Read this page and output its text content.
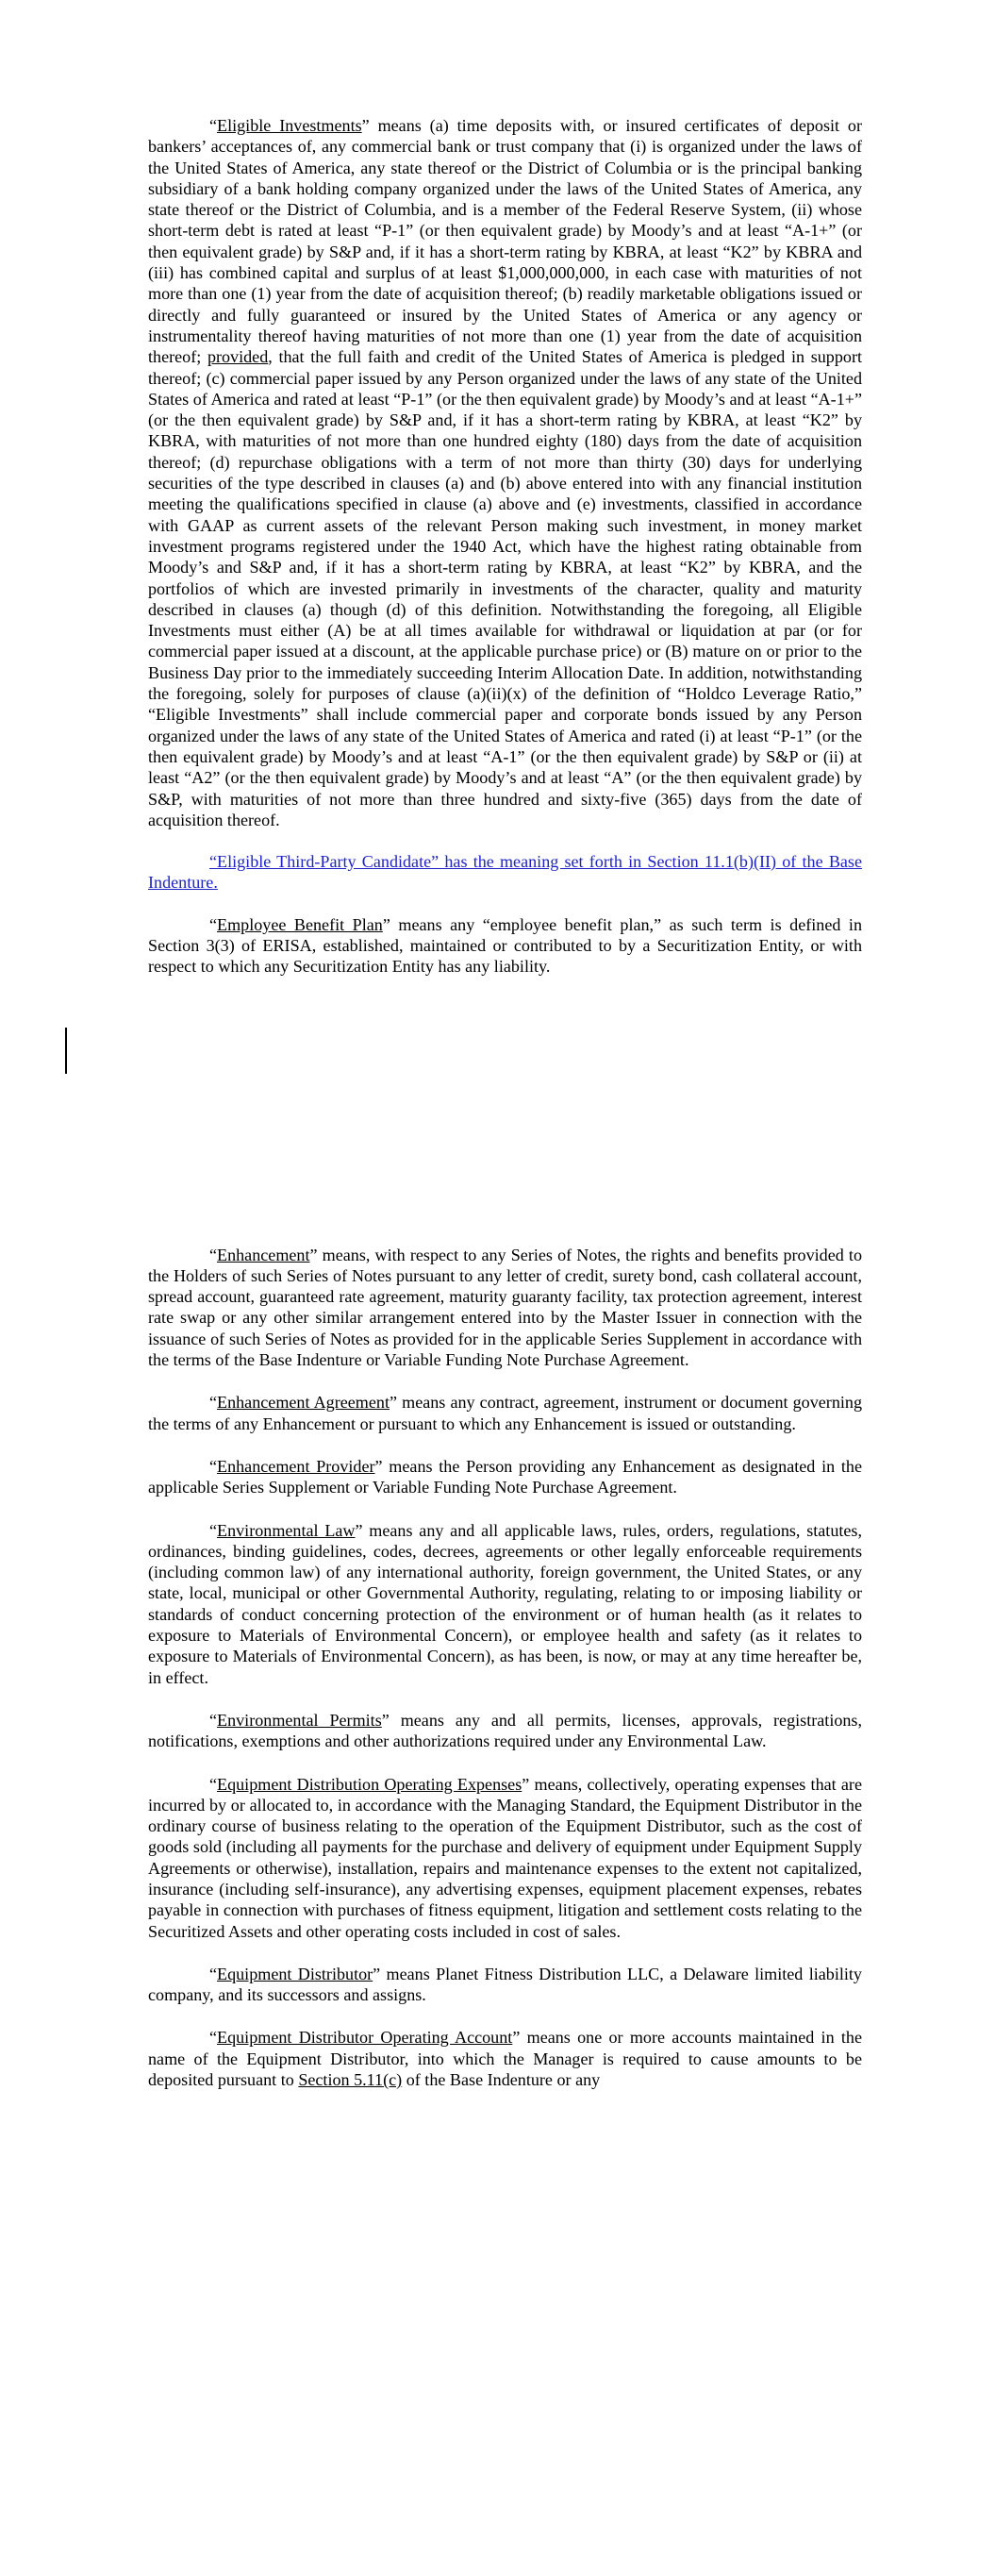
“Eligible Investments” means (a) time deposits with, or insured certificates of deposit or bankers’ acceptances of, any commercial bank or trust company that (i) is organized under the laws of the United States of America, any state thereof or the District of Columbia or is the principal banking subsidiary of a bank holding company organized under the laws of the United States of America, any state thereof or the District of Columbia, and is a member of the Federal Reserve System, (ii) whose short-term debt is rated at least “P-1” (or then equivalent grade) by Moody’s and at least “A-1+” (or then equivalent grade) by S&P and, if it has a short-term rating by KBRA, at least “K2” by KBRA and (iii) has combined capital and surplus of at least $1,000,000,000, in each case with maturities of not more than one (1) year from the date of acquisition thereof; (b) readily marketable obligations issued or directly and fully guaranteed or insured by the United States of America or any agency or instrumentality thereof having maturities of not more than one (1) year from the date of acquisition thereof; provided, that the full faith and credit of the United States of America is pledged in support thereof; (c) commercial paper issued by any Person organized under the laws of any state of the United States of America and rated at least “P-1” (or the then equivalent grade) by Moody’s and at least “A-1+” (or the then equivalent grade) by S&P and, if it has a short-term rating by KBRA, at least “K2” by KBRA, with maturities of not more than one hundred eighty (180) days from the date of acquisition thereof; (d) repurchase obligations with a term of not more than thirty (30) days for underlying securities of the type described in clauses (a) and (b) above entered into with any financial institution meeting the qualifications specified in clause (a) above and (e) investments, classified in accordance with GAAP as current assets of the relevant Person making such investment, in money market investment programs registered under the 1940 Act, which have the highest rating obtainable from Moody’s and S&P and, if it has a short-term rating by KBRA, at least “K2” by KBRA, and the portfolios of which are invested primarily in investments of the character, quality and maturity described in clauses (a) though (d) of this definition. Notwithstanding the foregoing, all Eligible Investments must either (A) be at all times available for withdrawal or liquidation at par (or for commercial paper issued at a discount, at the applicable purchase price) or (B) mature on or prior to the Business Day prior to the immediately succeeding Interim Allocation Date. In addition, notwithstanding the foregoing, solely for purposes of clause (a)(ii)(x) of the definition of “Holdco Leverage Ratio,” “Eligible Investments” shall include commercial paper and corporate bonds issued by any Person organized under the laws of any state of the United States of America and rated (i) at least “P-1” (or the then equivalent grade) by Moody’s and at least “A-1” (or the then equivalent grade) by S&P or (ii) at least “A2” (or the then equivalent grade) by Moody’s and at least “A” (or the then equivalent grade) by S&P, with maturities of not more than three hundred and sixty-five (365) days from the date of acquisition thereof.

“Eligible Third-Party Candidate” has the meaning set forth in Section 11.1(b)(II) of the Base Indenture.

“Employee Benefit Plan” means any “employee benefit plan,” as such term is defined in Section 3(3) of ERISA, established, maintained or contributed to by a Securitization Entity, or with respect to which any Securitization Entity has any liability.

“Enhancement” means, with respect to any Series of Notes, the rights and benefits provided to the Holders of such Series of Notes pursuant to any letter of credit, surety bond, cash collateral account, spread account, guaranteed rate agreement, maturity guaranty facility, tax protection agreement, interest rate swap or any other similar arrangement entered into by the Master Issuer in connection with the issuance of such Series of Notes as provided for in the applicable Series Supplement in accordance with the terms of the Base Indenture or Variable Funding Note Purchase Agreement.

“Enhancement Agreement” means any contract, agreement, instrument or document governing the terms of any Enhancement or pursuant to which any Enhancement is issued or outstanding.

“Enhancement Provider” means the Person providing any Enhancement as designated in the applicable Series Supplement or Variable Funding Note Purchase Agreement.

“Environmental Law” means any and all applicable laws, rules, orders, regulations, statutes, ordinances, binding guidelines, codes, decrees, agreements or other legally enforceable requirements (including common law) of any international authority, foreign government, the United States, or any state, local, municipal or other Governmental Authority, regulating, relating to or imposing liability or standards of conduct concerning protection of the environment or of human health (as it relates to exposure to Materials of Environmental Concern), or employee health and safety (as it relates to exposure to Materials of Environmental Concern), as has been, is now, or may at any time hereafter be, in effect.

“Environmental Permits” means any and all permits, licenses, approvals, registrations, notifications, exemptions and other authorizations required under any Environmental Law.

“Equipment Distribution Operating Expenses” means, collectively, operating expenses that are incurred by or allocated to, in accordance with the Managing Standard, the Equipment Distributor in the ordinary course of business relating to the operation of the Equipment Distributor, such as the cost of goods sold (including all payments for the purchase and delivery of equipment under Equipment Supply Agreements or otherwise), installation, repairs and maintenance expenses to the extent not capitalized, insurance (including self-insurance), any advertising expenses, equipment placement expenses, rebates payable in connection with purchases of fitness equipment, litigation and settlement costs relating to the Securitized Assets and other operating costs included in cost of sales.

“Equipment Distributor” means Planet Fitness Distribution LLC, a Delaware limited liability company, and its successors and assigns.

“Equipment Distributor Operating Account” means one or more accounts maintained in the name of the Equipment Distributor, into which the Manager is required to cause amounts to be deposited pursuant to Section 5.11(c) of the Base Indenture or any
